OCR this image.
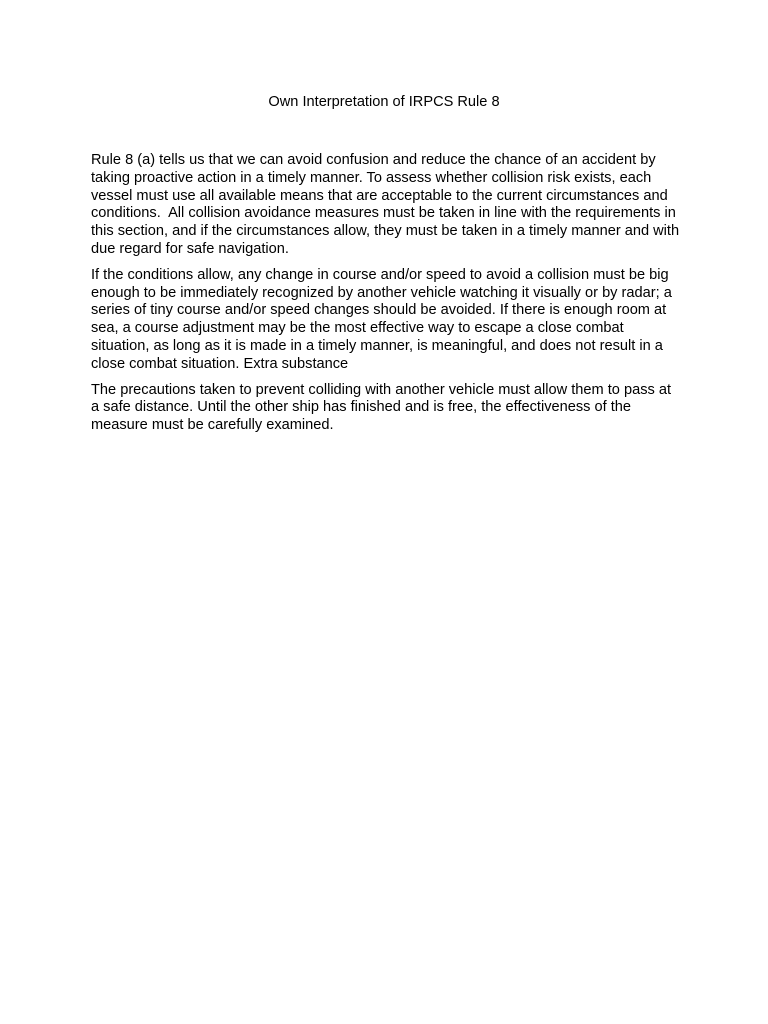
Own Interpretation of IRPCS Rule 8

Rule 8 (a) tells us that we can avoid confusion and reduce the chance of an accident by taking proactive action in a timely manner. To assess whether collision risk exists, each vessel must use all available means that are acceptable to the current circumstances and conditions.  All collision avoidance measures must be taken in line with the requirements in this section, and if the circumstances allow, they must be taken in a timely manner and with due regard for safe navigation.

If the conditions allow, any change in course and/or speed to avoid a collision must be big enough to be immediately recognized by another vehicle watching it visually or by radar; a series of tiny course and/or speed changes should be avoided. If there is enough room at sea, a course adjustment may be the most effective way to escape a close combat situation, as long as it is made in a timely manner, is meaningful, and does not result in a close combat situation. Extra substance

The precautions taken to prevent colliding with another vehicle must allow them to pass at a safe distance. Until the other ship has finished and is free, the effectiveness of the measure must be carefully examined.
